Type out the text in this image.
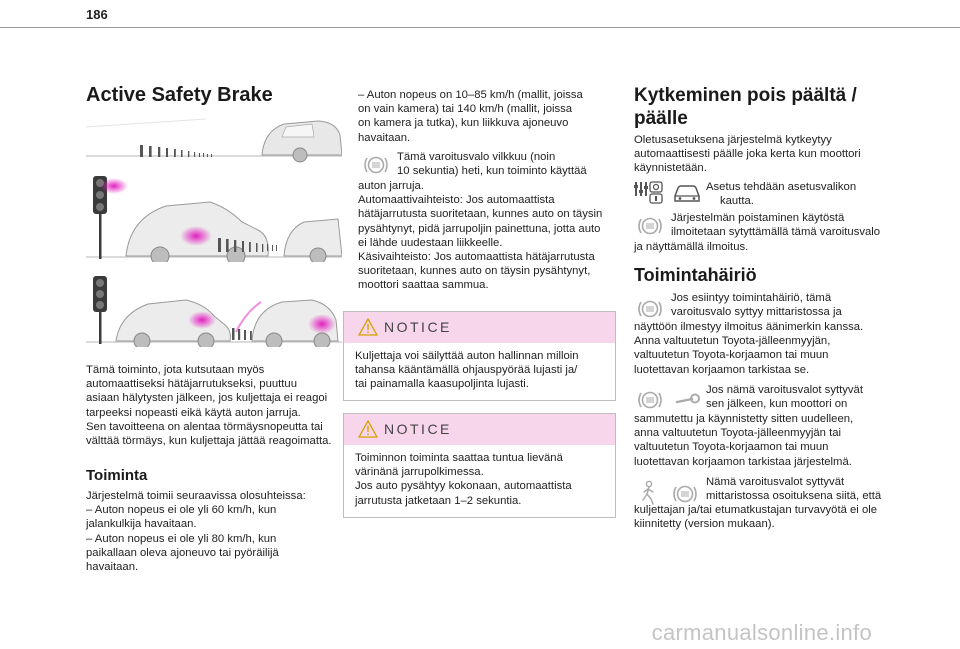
186
Active Safety Brake

Tämä toiminto, jota kutsutaan myös

automaattiseksi hätäjarrutukseksi, puuttuu

asiaan hälytysten jälkeen, jos kuljettaja ei reagoi

tarpeeksi nopeasti eikä käytä auton jarruja.

Sen tavoitteena on alentaa törmäysnopeutta tai

välttää törmäys, kun kuljettaja jättää reagoimatta.

Toiminta

Järjestelmä toimii seuraavissa olosuhteissa:

– Auton nopeus ei ole yli 60 km/h, kun

jalankulkija havaitaan.

– Auton nopeus ei ole yli 80 km/h, kun

paikallaan oleva ajoneuvo tai pyöräilijä

havaitaan.

– Auton nopeus on 10–85 km/h (mallit, joissa

on vain kamera) tai 140 km/h (mallit, joissa

on kamera ja tutka), kun liikkuva ajoneuvo

havaitaan.

Tämä varoitusvalo vilkkuu (noin

10 sekuntia) heti, kun toiminto käyttää

auton jarruja.

Automaattivaihteisto: Jos automaattista

hätäjarrutusta suoritetaan, kunnes auto on täysin

pysähtynyt, pidä jarrupoljin painettuna, jotta auto

ei lähde uudestaan liikkeelle.

Käsivaihteisto: Jos automaattista hätäjarrutusta

suoritetaan, kunnes auto on täysin pysähtynyt,

moottori saattaa sammua.

NOTICE

Kuljettaja voi säilyttää auton hallinnan milloin

tahansa kääntämällä ohjauspyörää lujasti ja/

tai painamalla kaasupoljinta lujasti.

NOTICE

Toiminnon toiminta saattaa tuntua lievänä

värinänä jarrupolkimessa.

Jos auto pysähtyy kokonaan, automaattista

jarrutusta jatketaan 1–2 sekuntia.

Kytkeminen pois päältä /
päälle

Oletusasetuksena järjestelmä kytkeytyy

automaattisesti päälle joka kerta kun moottori

käynnistetään.

Asetus tehdään asetusvalikon

kautta.

Järjestelmän poistaminen käytöstä

ilmoitetaan sytyttämällä tämä varoitusvalo

ja näyttämällä ilmoitus.

Toimintahäiriö

Jos esiintyy toimintahäiriö, tämä

varoitusvalo syttyy mittaristossa ja

näyttöön ilmestyy ilmoitus äänimerkin kanssa.

Anna valtuutetun Toyota-jälleenmyyjän,

valtuutetun Toyota-korjaamon tai muun

luotettavan korjaamon tarkistaa se.

Jos nämä varoitusvalot syttyvät

sen jälkeen, kun moottori on

sammutettu ja käynnistetty sitten uudelleen,

anna valtuutetun Toyota-jälleenmyyjän tai

valtuutetun Toyota-korjaamon tai muun

luotettavan korjaamon tarkistaa järjestelmä.

Nämä varoitusvalot syttyvät

mittaristossa osoituksena siitä, että

kuljettajan ja/tai etumatkustajan turvavyötä ei ole

kiinnitetty (version mukaan).

carmanualsonline.info
